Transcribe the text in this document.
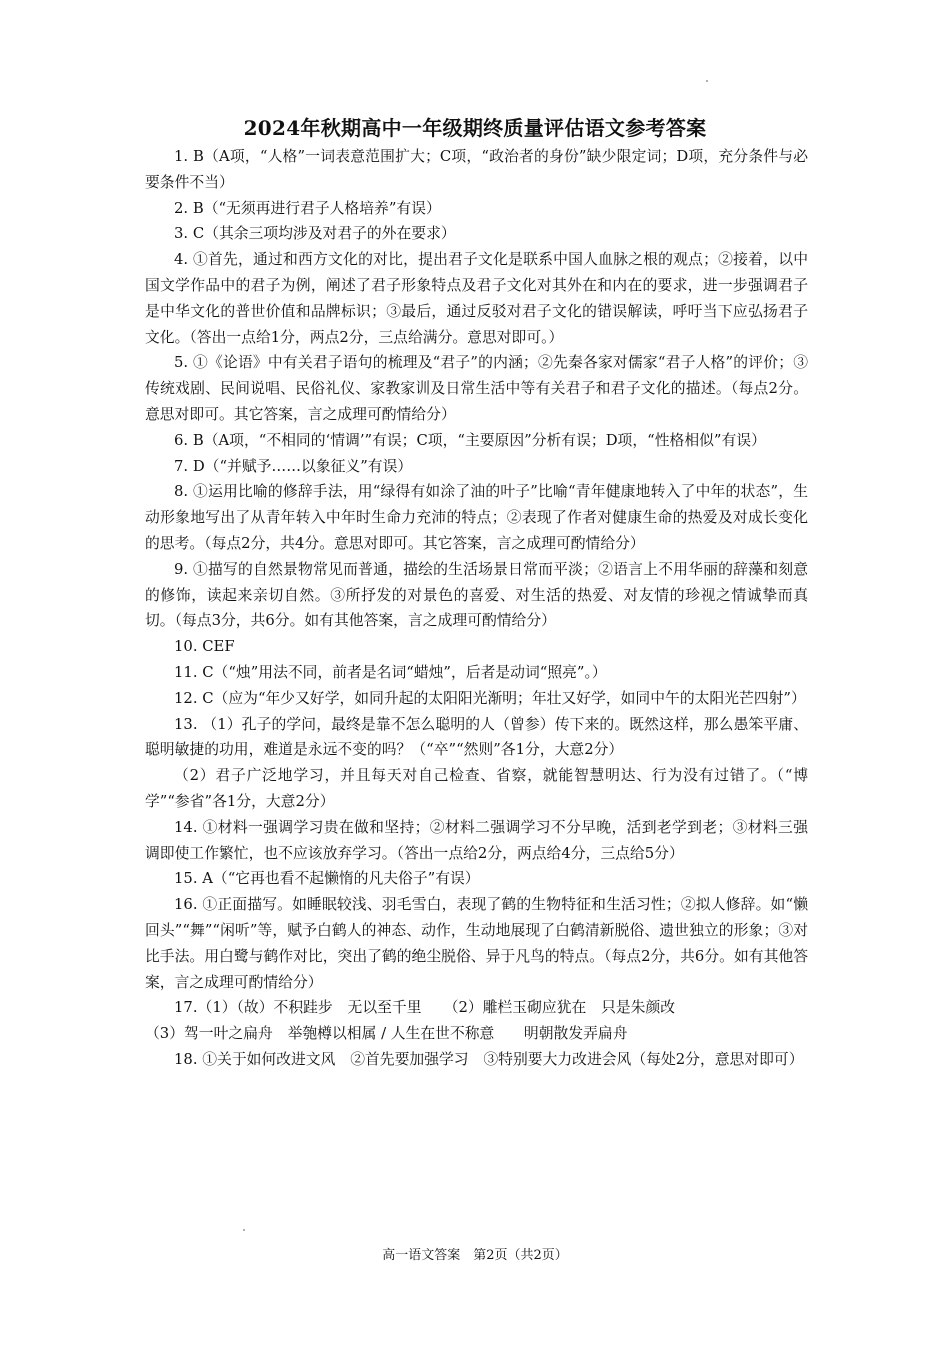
2024年秋期高中一年级期终质量评估语文参考答案

1. B（A项，“人格”一词表意范围扩大；C项，“政治者的身份”缺少限定词；D项，充分条件与必要条件不当）

2. B（“无须再进行君子人格培养”有误）

3. C（其余三项均涉及对君子的外在要求）

4. ①首先，通过和西方文化的对比，提出君子文化是联系中国人血脉之根的观点；②接着，以中国文学作品中的君子为例，阐述了君子形象特点及君子文化对其外在和内在的要求，进一步强调君子是中华文化的普世价值和品牌标识；③最后，通过反驳对君子文化的错误解读，呼吁当下应弘扬君子文化。（答出一点给1分，两点2分，三点给满分。意思对即可。）

5. ①《论语》中有关君子语句的梳理及“君子”的内涵；②先秦各家对儒家“君子人格”的评价；③传统戏剧、民间说唱、民俗礼仪、家教家训及日常生活中等有关君子和君子文化的描述。（每点2分。意思对即可。其它答案，言之成理可酌情给分）

6. B（A项，“不相同的‘情调’”有误；C项，“主要原因”分析有误；D项，“性格相似”有误）

7. D（“并赋予……以象征义”有误）

8. ①运用比喻的修辞手法，用“绿得有如涂了油的叶子”比喻“青年健康地转入了中年的状态”，生动形象地写出了从青年转入中年时生命力充沛的特点；②表现了作者对健康生命的热爱及对成长变化的思考。（每点2分，共4分。意思对即可。其它答案，言之成理可酌情给分）

9. ①描写的自然景物常见而普通，描绘的生活场景日常而平淡；②语言上不用华丽的辞藻和刻意的修饰，读起来亲切自然。③所抒发的对景色的喜爱、对生活的热爱、对友情的珍视之情诚挚而真切。（每点3分，共6分。如有其他答案，言之成理可酌情给分）

10. CEF

11. C（“烛”用法不同，前者是名词“蜡烛”，后者是动词“照亮”。）

12. C（应为“年少又好学，如同升起的太阳阳光渐明；年壮又好学，如同中午的太阳光芒四射”）

13. （1）孔子的学问，最终是靠不怎么聪明的人（曾参）传下来的。既然这样，那么愚笨平庸、聪明敏捷的功用，难道是永远不变的吗？（“卒”“然则”各1分，大意2分）

（2）君子广泛地学习，并且每天对自己检查、省察，就能智慧明达、行为没有过错了。（“博学”“参省”各1分，大意2分）

14. ①材料一强调学习贵在做和坚持；②材料二强调学习不分早晚，活到老学到老；③材料三强调即使工作繁忙，也不应该放弃学习。（答出一点给2分，两点给4分，三点给5分）

15. A（“它再也看不起懒惰的凡夫俗子”有误）

16. ①正面描写。如睡眠较浅、羽毛雪白，表现了鹤的生物特征和生活习性；②拟人修辞。如“懒回头”“舞”“闲听”等，赋予白鹤人的神态、动作，生动地展现了白鹤清新脱俗、遗世独立的形象；③对比手法。用白鹭与鹤作对比，突出了鹤的绝尘脱俗、异于凡鸟的特点。（每点2分，共6分。如有其他答案，言之成理可酌情给分）

17.（1）（故）不积跬步　无以至千里　　（2）雕栏玉砌应犹在　只是朱颜改

（3）驾一叶之扁舟　举匏樽以相属 / 人生在世不称意　　明朝散发弄扁舟

18. ①关于如何改进文风　②首先要加强学习　③特别要大力改进会风（每处2分，意思对即可）

高一语文答案　第2页（共2页）
